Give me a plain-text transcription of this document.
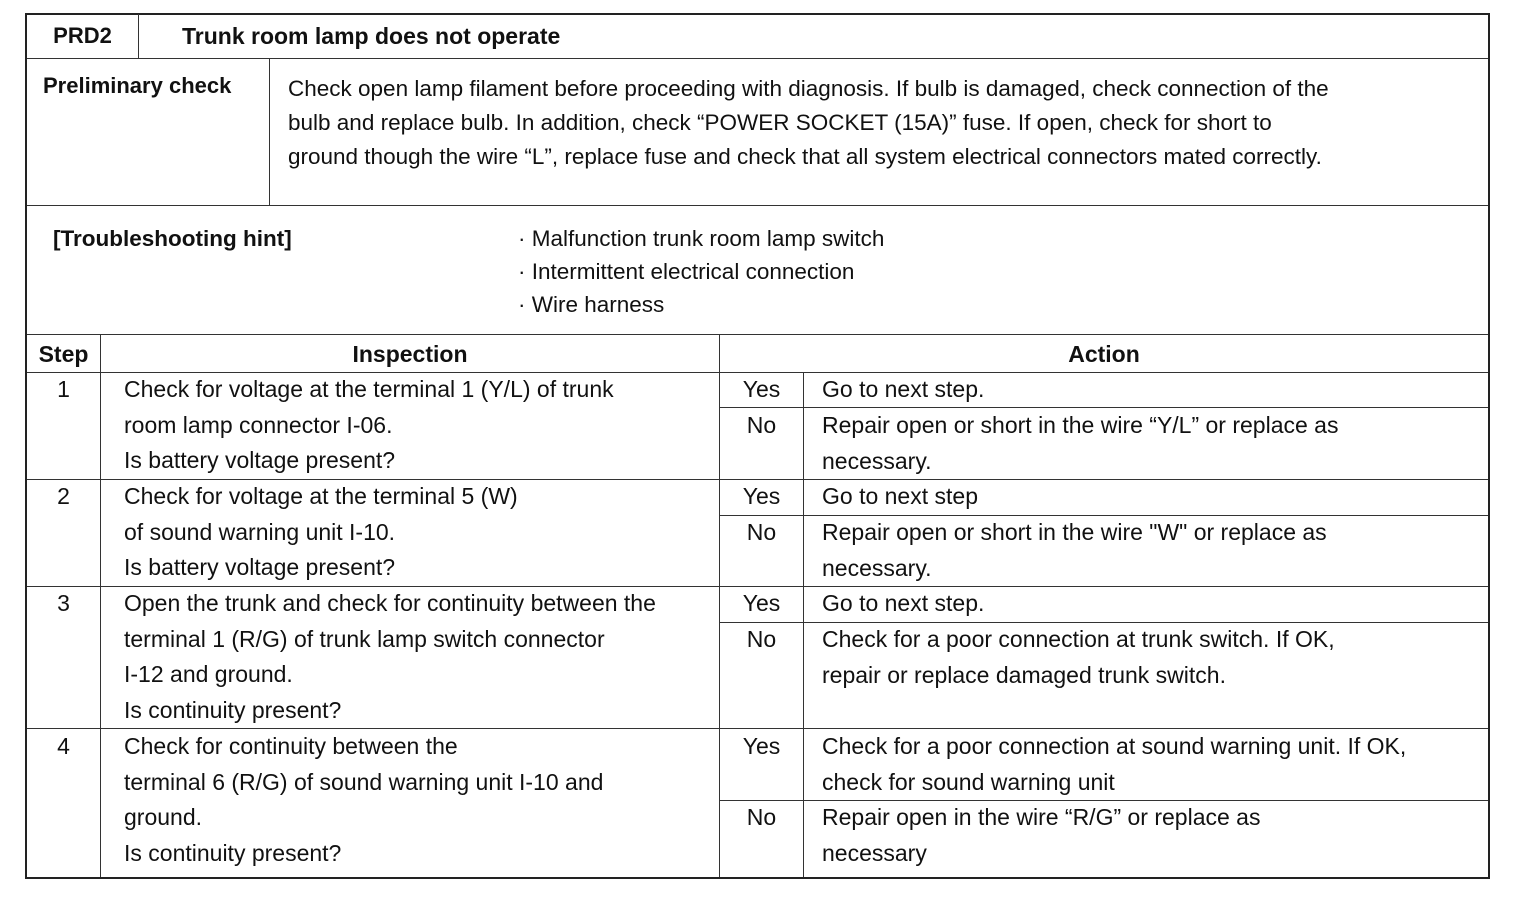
PRD2	Trunk room lamp does not operate
Preliminary check	Check open lamp filament before proceeding with diagnosis. If bulb is damaged, check connection of the
bulb and replace bulb. In addition, check “POWER SOCKET (15A)” fuse. If open, check for short to
ground though the wire “L”, replace fuse and check that all system electrical connectors mated correctly.
[Troubleshooting hint]	· Malfunction trunk room lamp switch
· Intermittent electrical connection
· Wire harness
Step	Inspection	Action
1	Check for voltage at the terminal 1 (Y/L) of trunk
room lamp connector I-06.
Is battery voltage present?
Yes	Go to next step.
No	Repair open or short in the wire “Y/L” or replace as
necessary.
2	Check for voltage at the terminal 5 (W)
of sound warning unit I-10.
Is battery voltage present?
Yes	Go to next step
No	Repair open or short in the wire "W" or replace as
necessary.
3	Open the trunk and check for continuity between the
terminal 1 (R/G) of trunk lamp switch connector
I-12 and ground.
Is continuity present?
Yes	Go to next step.
No	Check for a poor connection at trunk switch. If OK,
repair or replace damaged trunk switch.
4	Check for continuity between the
terminal 6 (R/G) of sound warning unit I-10 and
ground.
Is continuity present?
Yes	Check for a poor connection at sound warning unit. If OK,
check for sound warning unit
No	Repair open in the wire “R/G” or replace as
necessary
